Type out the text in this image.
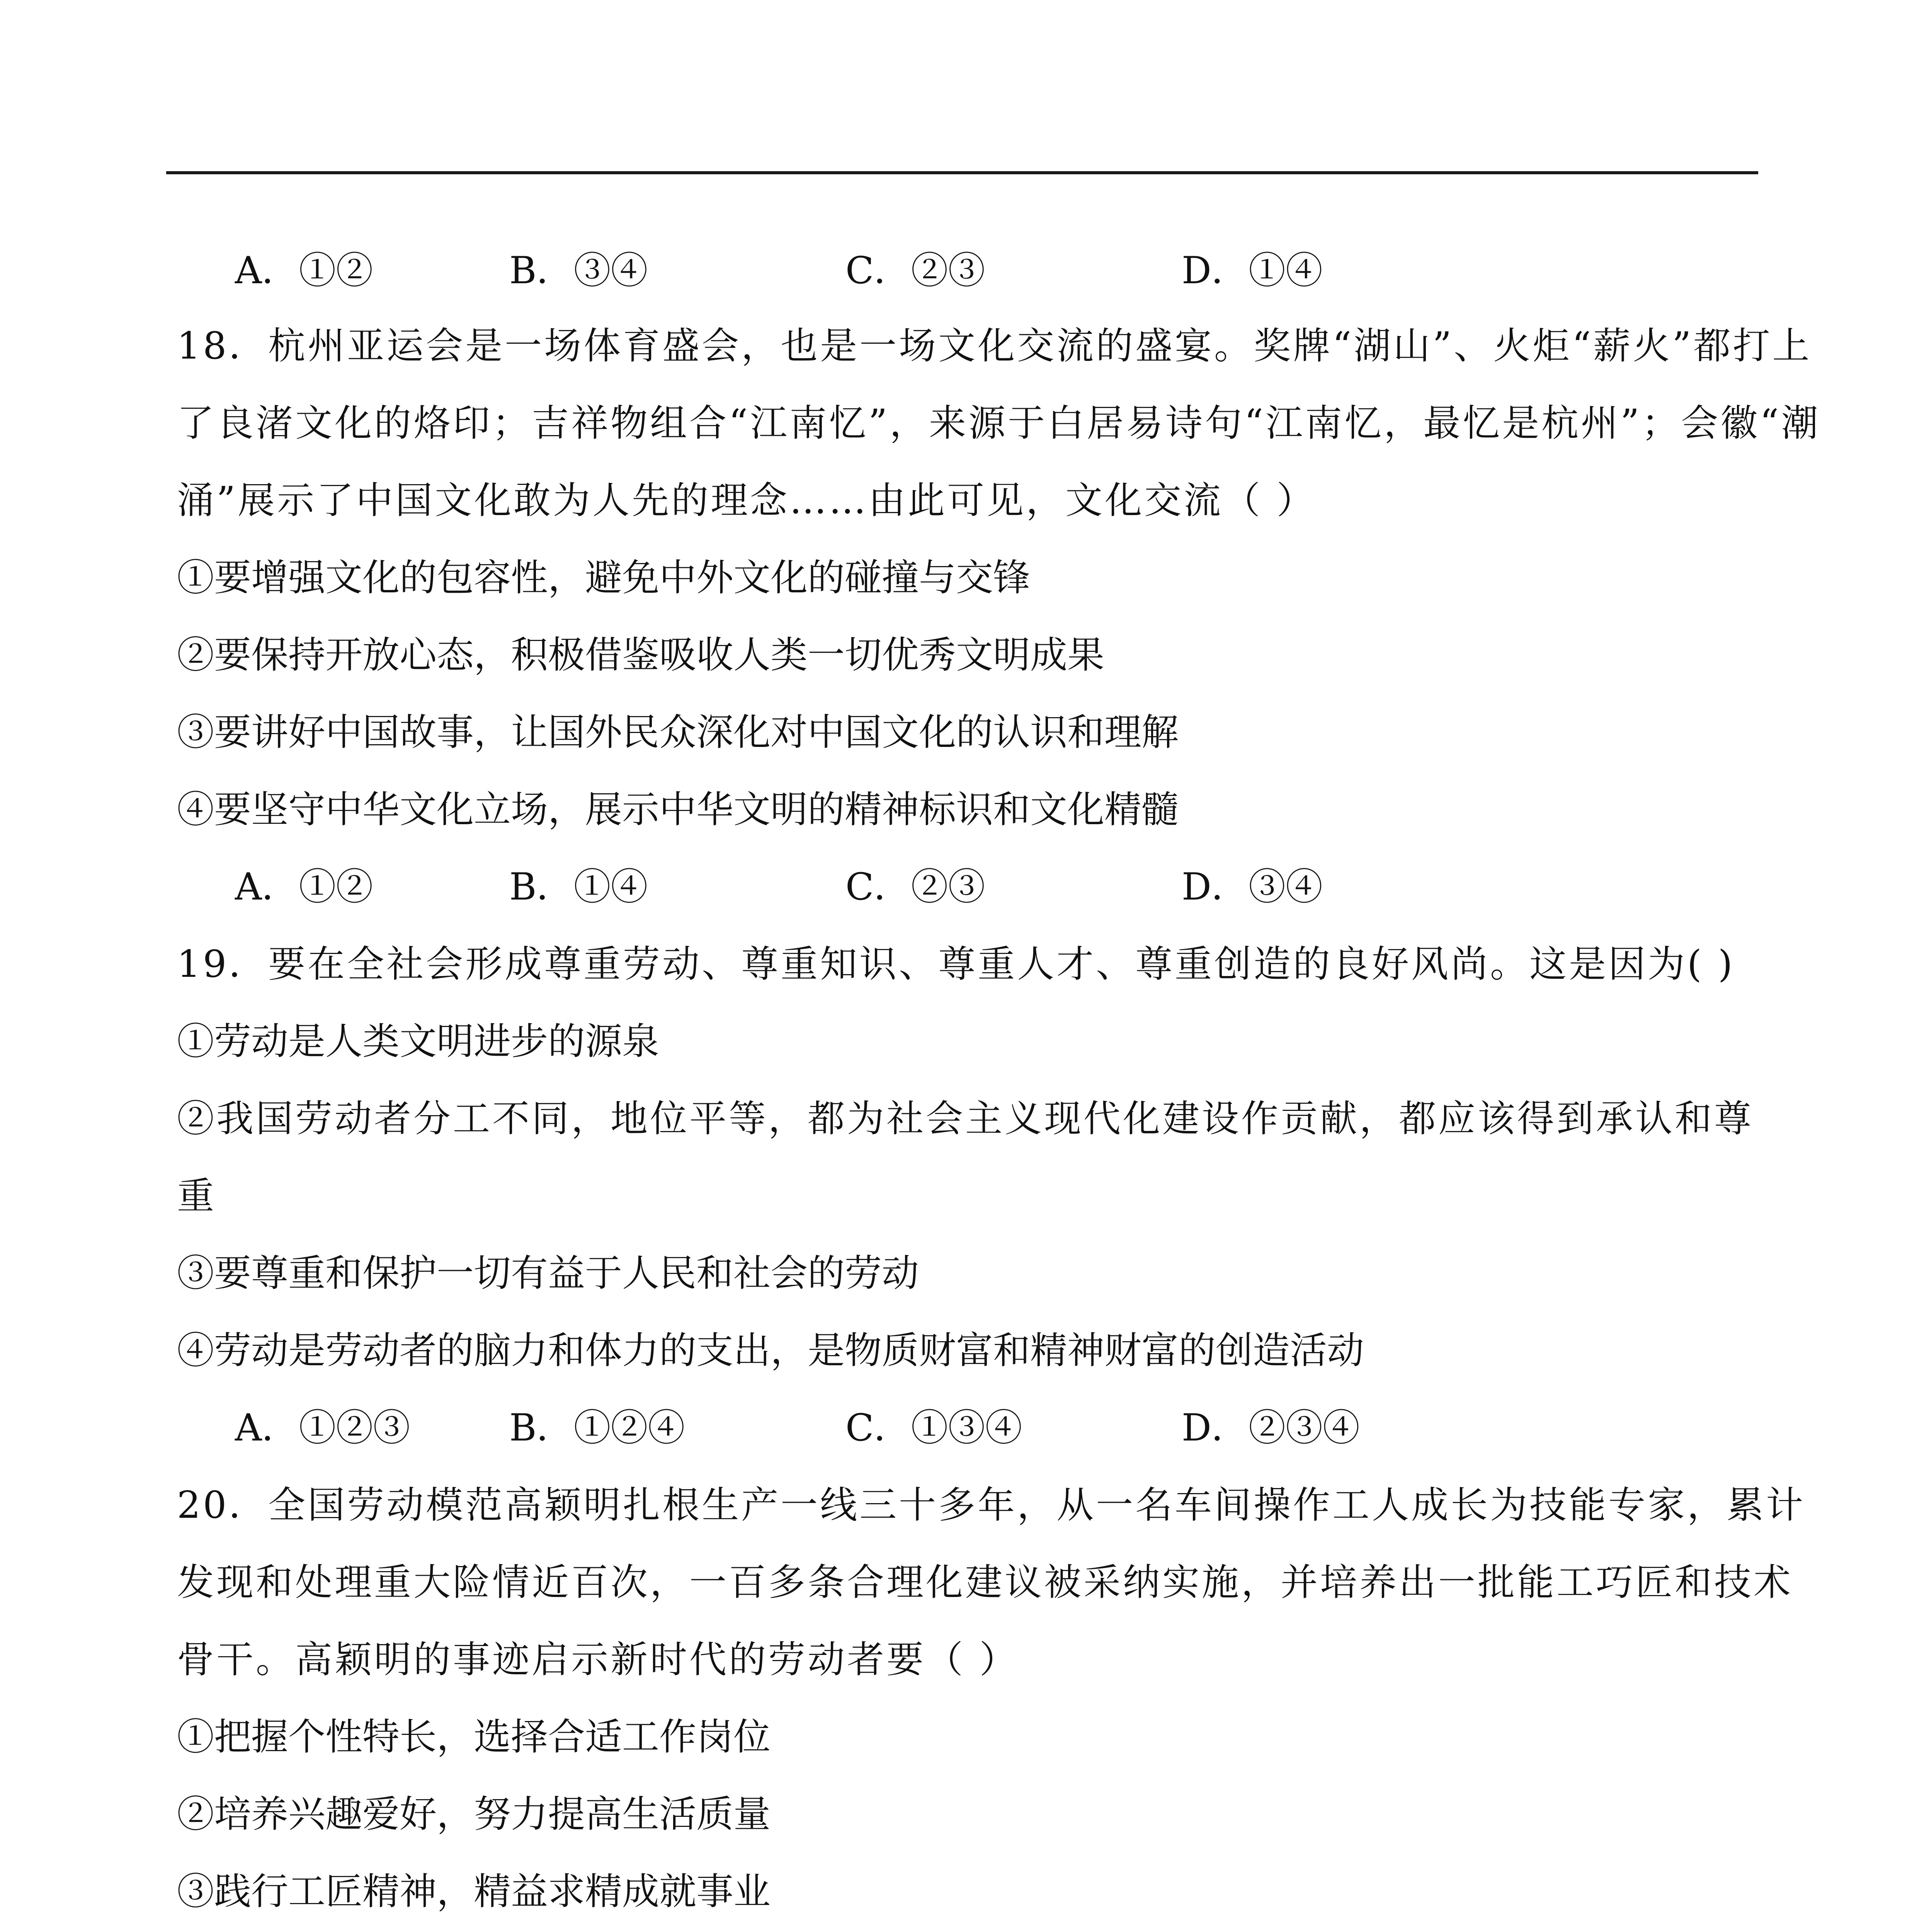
A．①②	B．③④	C．②③	D．①④
18．杭州亚运会是一场体育盛会，也是一场文化交流的盛宴。奖牌“湖山”、火炬“薪火”都打上
了良渚文化的烙印；吉祥物组合“江南忆”，来源于白居易诗句“江南忆，最忆是杭州”；会徽“潮
涌”展示了中国文化敢为人先的理念……由此可见，文化交流（ ）
①要增强文化的包容性，避免中外文化的碰撞与交锋
②要保持开放心态，积极借鉴吸收人类一切优秀文明成果
③要讲好中国故事，让国外民众深化对中国文化的认识和理解
④要坚守中华文化立场，展示中华文明的精神标识和文化精髓
A．①②	B．①④	C．②③	D．③④
19．要在全社会形成尊重劳动、尊重知识、尊重人才、尊重创造的良好风尚。这是因为( )
①劳动是人类文明进步的源泉
②我国劳动者分工不同，地位平等，都为社会主义现代化建设作贡献，都应该得到承认和尊
重
③要尊重和保护一切有益于人民和社会的劳动
④劳动是劳动者的脑力和体力的支出，是物质财富和精神财富的创造活动
A．①②③	B．①②④	C．①③④	D．②③④
20．全国劳动模范高颖明扎根生产一线三十多年，从一名车间操作工人成长为技能专家，累计
发现和处理重大险情近百次，一百多条合理化建议被采纳实施，并培养出一批能工巧匠和技术
骨干。高颖明的事迹启示新时代的劳动者要（ ）
①把握个性特长，选择合适工作岗位
②培养兴趣爱好，努力提高生活质量
③践行工匠精神，精益求精成就事业
